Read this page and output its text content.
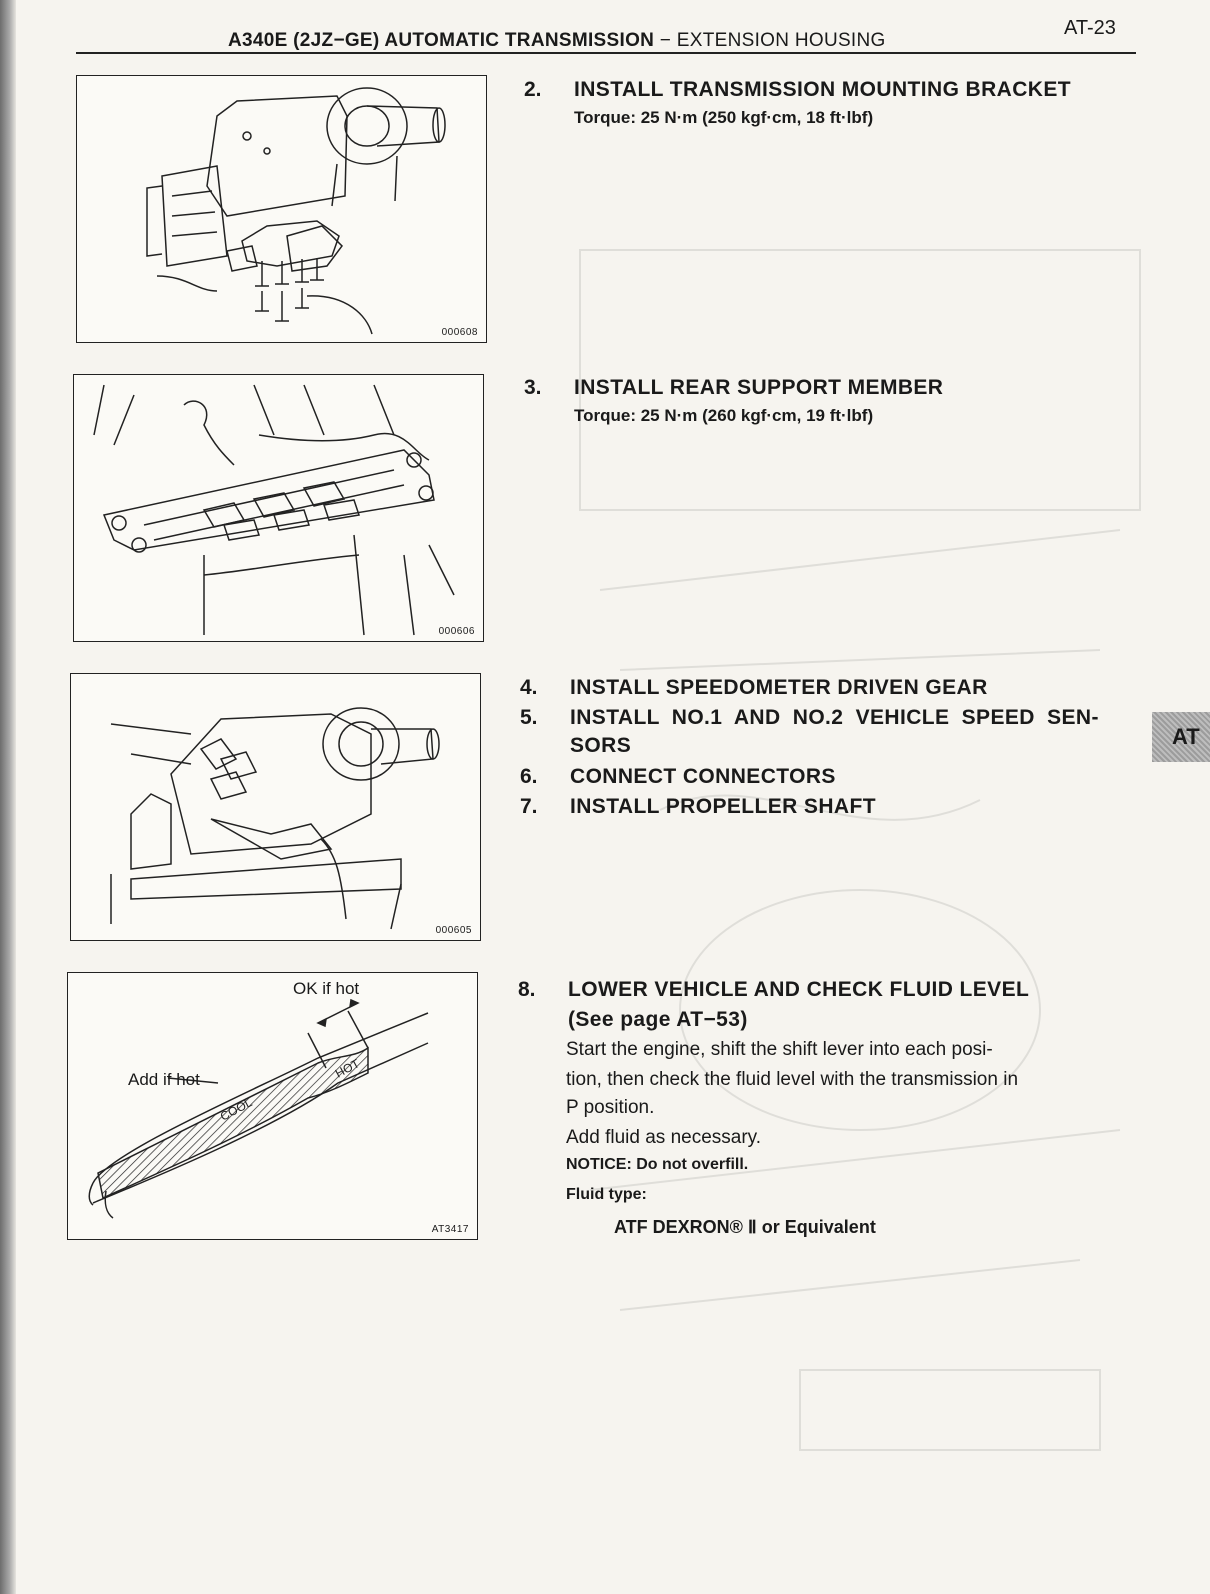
A340E (2JZ−GE) AUTOMATIC TRANSMISSION − EXTENSION HOUSING
AT-23
000608
000606
000605
COOL
HOT
OK if hot
Add if hot
AT3417
2. INSTALL TRANSMISSION MOUNTING BRACKET
Torque: 25 N·m (250 kgf·cm, 18 ft·lbf)
3. INSTALL REAR SUPPORT MEMBER
Torque: 25 N·m (260 kgf·cm, 19 ft·lbf)
4. INSTALL SPEEDOMETER DRIVEN GEAR
5. INSTALL NO.1 AND NO.2 VEHICLE SPEED SEN-
SORS
6. CONNECT CONNECTORS
7. INSTALL PROPELLER SHAFT
AT
8. LOWER VEHICLE AND CHECK FLUID LEVEL
(See page AT−53)
Start the engine, shift the shift lever into each posi-
tion, then check the fluid level with the transmission in
P position.
Add fluid as necessary.
NOTICE: Do not overfill.
Fluid type:
ATF DEXRON® Ⅱ or Equivalent
